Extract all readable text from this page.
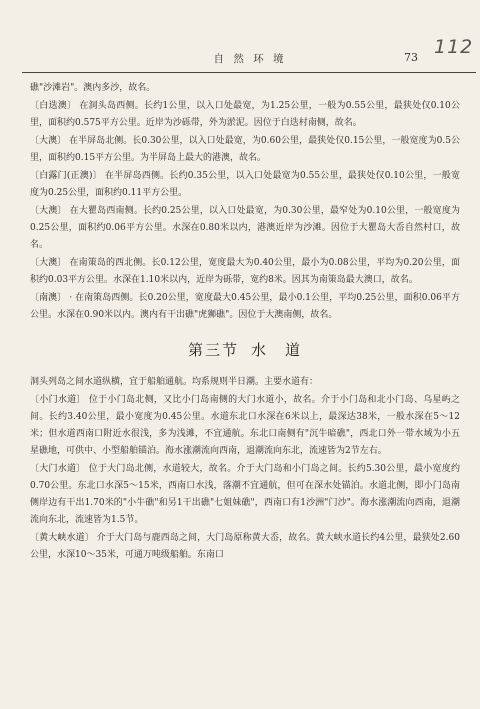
自 然 环 境	73 112

礁"沙滩岩"。澳内多沙，故名。

〔白迭澳〕 在洞头岛西侧。长约1公里，以入口处最宽，为1.25公里，一般为0.55公里，最狭处仅0.10公里，面积约0.575平方公里。近岸为沙砾带，外为淤泥。因位于白迭村南侧，故名。

〔大澳〕 在半屏岛北侧。长0.30公里，以入口处最宽，为0.60公里，最狭处仅0.15公里，一般宽度为0.5公里，面积约0.15平方公里。为半屏岛上最大的港澳，故名。

〔白露门(正澳)〕 在半屏岛西侧。长约0.35公里，以入口处最宽为0.55公里，最狭处仅0.10公里，一般宽度为0.25公里，面积约0.11平方公里。

〔大澳〕 在大瞿岛西南侧。长约0.25公里，以入口处最宽，为0.30公里，最窄处为0.10公里，一般宽度为0.25公里，面积约0.06平方公里。水深在0.80米以内，港澳近岸为沙滩。因位于大瞿岛大岙自然村口，故名。

〔大澳〕 在南策岛的西北侧。长0.12公里，宽度最大为0.40公里，最小为0.08公里，平均为0.20公里，面积约0.03平方公里。水深在1.10米以内，近岸为砾带，宽约8米。因其为南策岛最大澳口，故名。

〔南澳〕 · 在南策岛西侧。长0.20公里，宽度最大0.45公里，最小0.1公里，平均0.25公里，面积0.06平方公里。水深在0.90米以内。澳内有干出礁"虎狮礁"。因位于大澳南侧，故名。

第三节 水　道

洞头列岛之间水道纵横，宜于船舶通航。均系规则半日潮。主要水道有：

〔小门水道〕 位于小门岛北侧，又比小门岛南侧的大门水道小，故名。介于小门岛和北小门岛、乌星屿之间。长约3.40公里，最小宽度为0.45公里。水道东北口水深在6米以上，最深达38米，一般水深在5～12米；但水道西南口附近水很浅，多为浅滩，不宜通航。东北口南侧有"沉牛暗礁"，西北口外一带水域为小五星礁地，可供中、小型船舶锚泊。海水涨潮流向西南，退潮流向东北，流速皆为2节左右。

〔大门水道〕 位于大门岛北侧，水道较大，故名。介于大门岛和小门岛之间。长约5.30公里，最小宽度约0.70公里。东北口水深5～15米，西南口水浅，落潮不宜通航，但可在深水处锚泊。水道北侧，即小门岛南侧岸边有干出1.70米的"小牛礁"和另1干出礁"七姐妹礁"，西南口有1沙洲"门沙"。海水涨潮流向西南，退潮流向东北，流速皆为1.5节。

〔黄大峡水道〕 介于大门岛与鹿西岛之间，大门岛原称黄大岙，故名。黄大峡水道长约4公里，最狭处2.60公里，水深10～35米，可通万吨级船舶。东南口
